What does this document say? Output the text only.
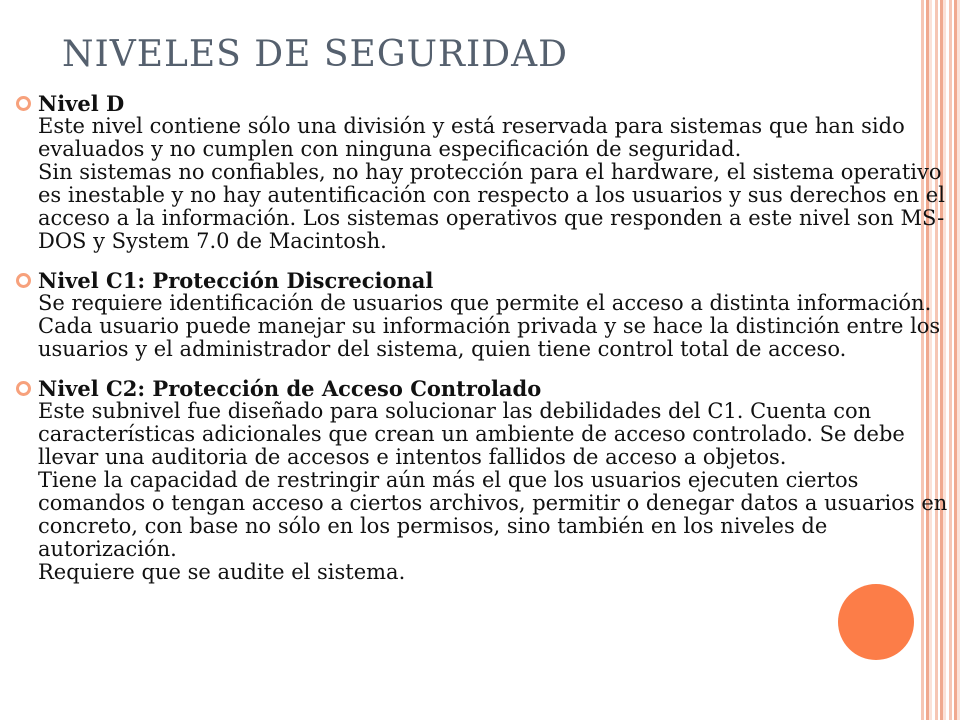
NIVELES DE SEGURIDAD
Nivel D
Este nivel contiene sólo una división y está reservada para sistemas que han sido evaluados y no cumplen con ninguna especificación de seguridad.
Sin sistemas no confiables, no hay protección para el hardware, el sistema operativo es inestable y no hay autentificación con respecto a los usuarios y sus derechos en el acceso a la información. Los sistemas operativos que responden a este nivel son MS-DOS y System 7.0 de Macintosh.
Nivel C1: Protección Discrecional
Se requiere identificación de usuarios que permite el acceso a distinta información. Cada usuario puede manejar su información privada y se hace la distinción entre los usuarios y el administrador del sistema, quien tiene control total de acceso.
Nivel C2: Protección de Acceso Controlado
Este subnivel fue diseñado para solucionar las debilidades del C1. Cuenta con características adicionales que crean un ambiente de acceso controlado. Se debe llevar una auditoria de accesos e intentos fallidos de acceso a objetos.
Tiene la capacidad de restringir aún más el que los usuarios ejecuten ciertos comandos o tengan acceso a ciertos archivos, permitir o denegar datos a usuarios en concreto, con base no sólo en los permisos, sino también en los niveles de autorización.
Requiere que se audite el sistema.
